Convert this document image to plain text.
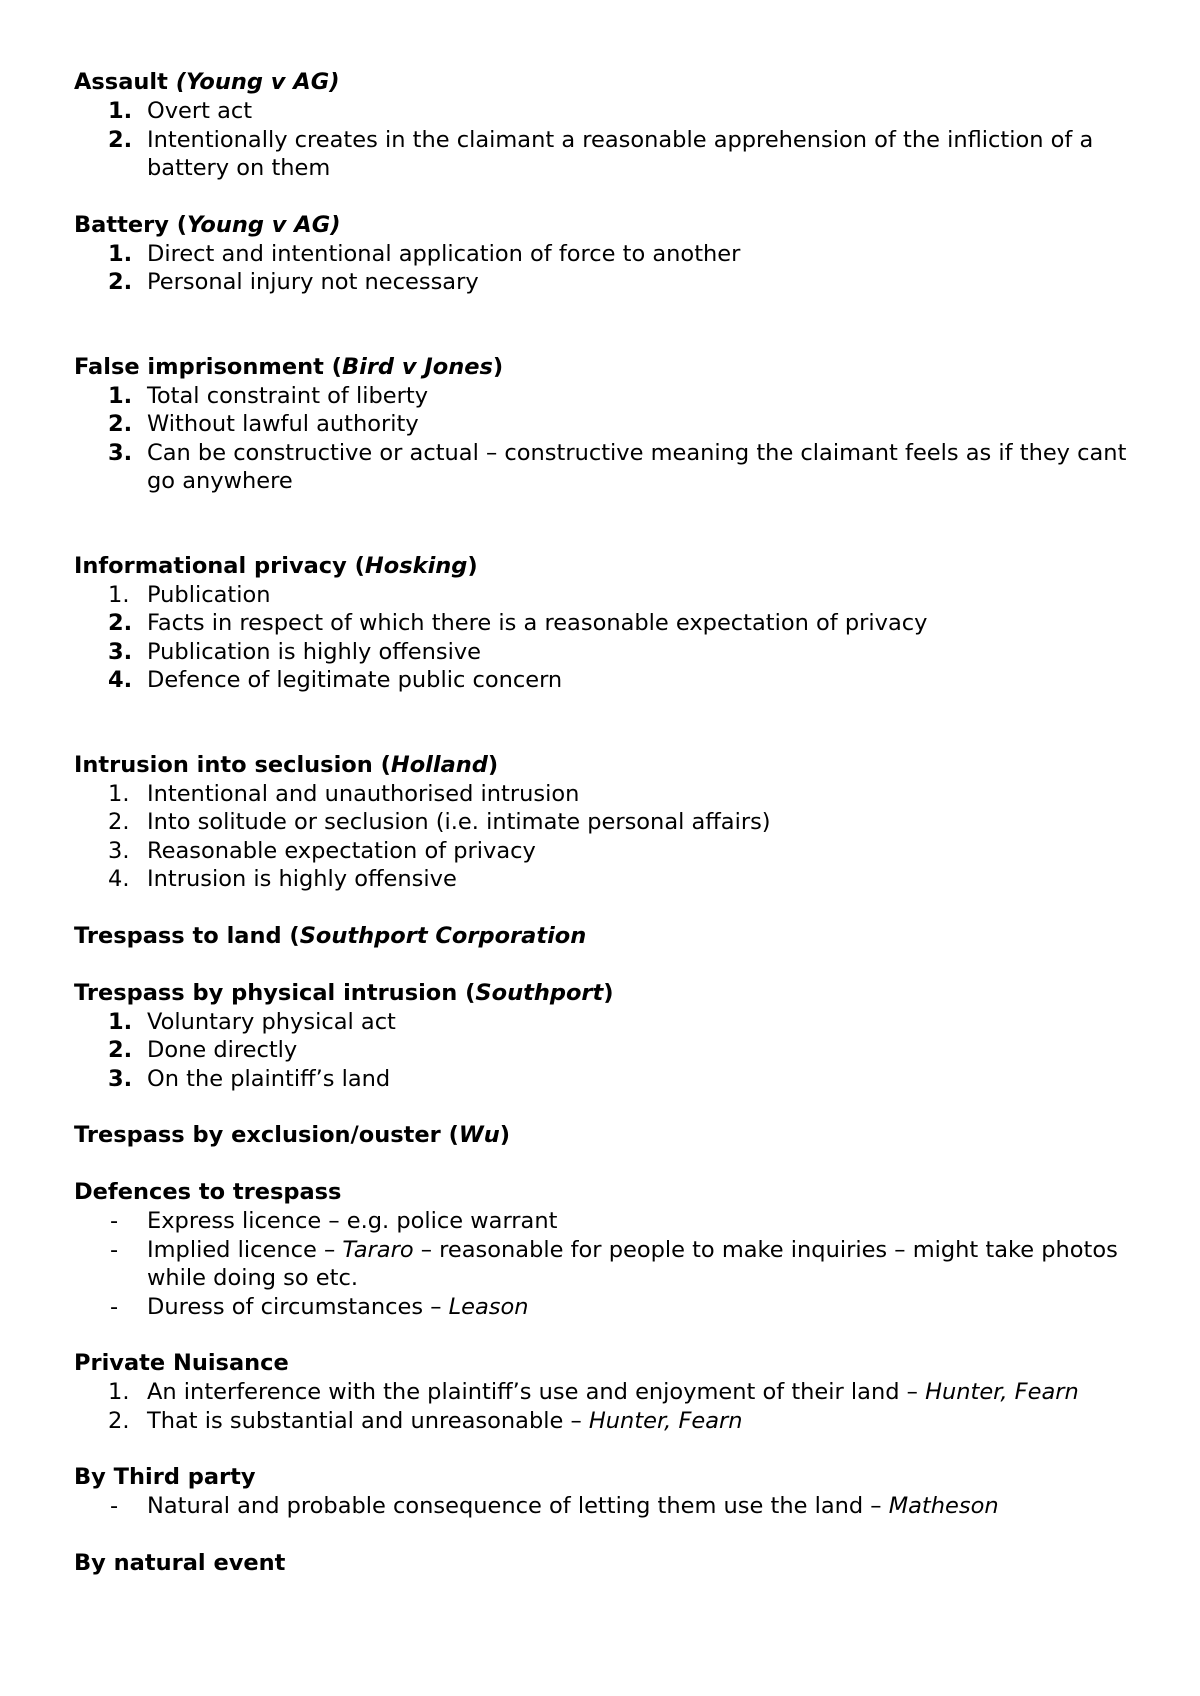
Assault (Young v AG)

1. Overt act
2. Intentionally creates in the claimant a reasonable apprehension of the infliction of a battery on them

Battery (Young v AG)

1. Direct and intentional application of force to another
2. Personal injury not necessary

False imprisonment (Bird v Jones)

1. Total constraint of liberty
2. Without lawful authority
3. Can be constructive or actual – constructive meaning the claimant feels as if they cant go anywhere

Informational privacy (Hosking)

1. Publication
2. Facts in respect of which there is a reasonable expectation of privacy
3. Publication is highly offensive
4. Defence of legitimate public concern

Intrusion into seclusion (Holland)

1. Intentional and unauthorised intrusion
2. Into solitude or seclusion (i.e. intimate personal affairs)
3. Reasonable expectation of privacy
4. Intrusion is highly offensive

Trespass to land (Southport Corporation

Trespass by physical intrusion (Southport)

1. Voluntary physical act
2. Done directly
3. On the plaintiff’s land

Trespass by exclusion/ouster (Wu)

Defences to trespass

-	Express licence – e.g. police warrant
-	Implied licence – Tararo – reasonable for people to make inquiries – might take photos while doing so etc.
-	Duress of circumstances – Leason

Private Nuisance

1. An interference with the plaintiff’s use and enjoyment of their land – Hunter, Fearn
2. That is substantial and unreasonable – Hunter, Fearn

By Third party

-	Natural and probable consequence of letting them use the land – Matheson

By natural event
